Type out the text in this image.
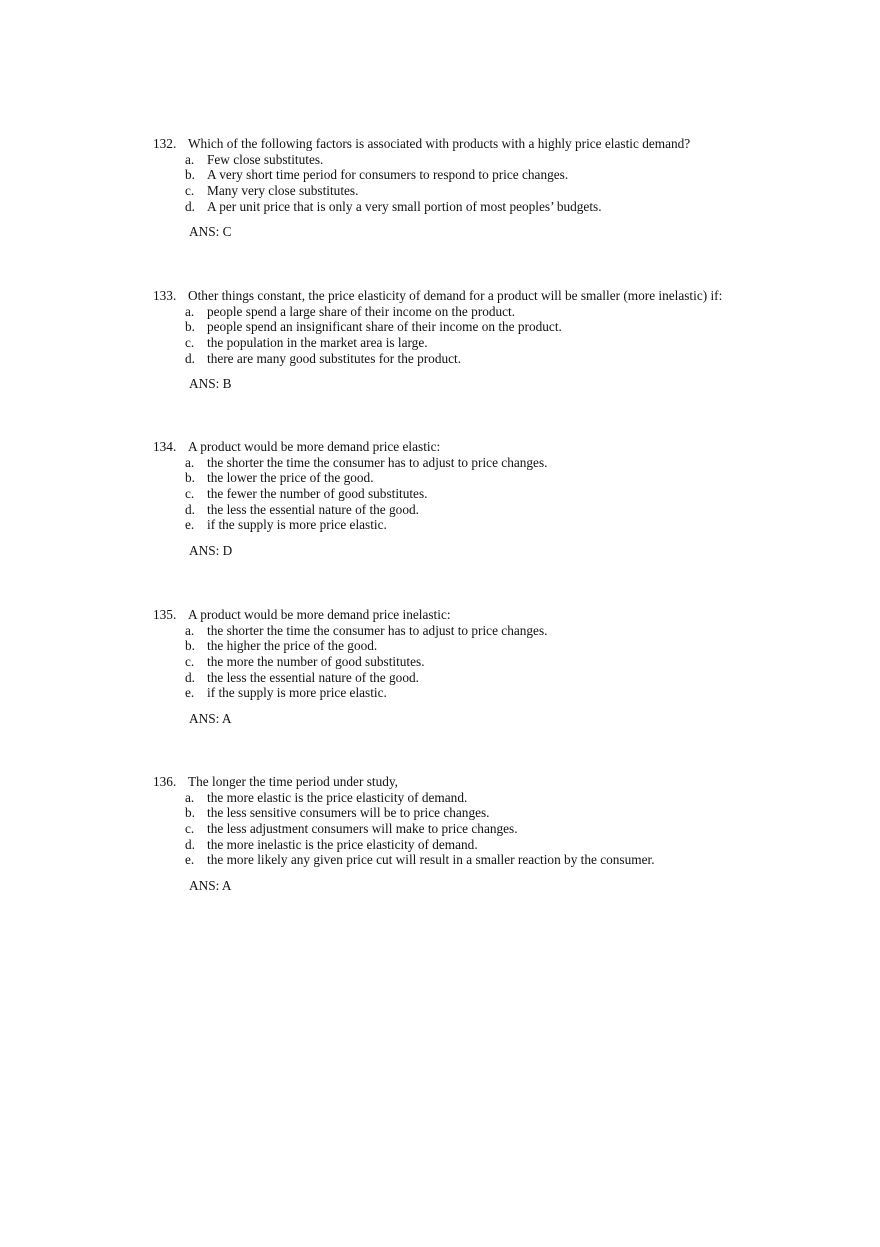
132. Which of the following factors is associated with products with a highly price elastic demand?
a. Few close substitutes.
b. A very short time period for consumers to respond to price changes.
c. Many very close substitutes.
d. A per unit price that is only a very small portion of most peoples’ budgets.
ANS: C
133. Other things constant, the price elasticity of demand for a product will be smaller (more inelastic) if:
a. people spend a large share of their income on the product.
b. people spend an insignificant share of their income on the product.
c. the population in the market area is large.
d. there are many good substitutes for the product.
ANS: B
134. A product would be more demand price elastic:
a. the shorter the time the consumer has to adjust to price changes.
b. the lower the price of the good.
c. the fewer the number of good substitutes.
d. the less the essential nature of the good.
e. if the supply is more price elastic.
ANS: D
135. A product would be more demand price inelastic:
a. the shorter the time the consumer has to adjust to price changes.
b. the higher the price of the good.
c. the more the number of good substitutes.
d. the less the essential nature of the good.
e. if the supply is more price elastic.
ANS: A
136. The longer the time period under study,
a. the more elastic is the price elasticity of demand.
b. the less sensitive consumers will be to price changes.
c. the less adjustment consumers will make to price changes.
d. the more inelastic is the price elasticity of demand.
e. the more likely any given price cut will result in a smaller reaction by the consumer.
ANS: A
